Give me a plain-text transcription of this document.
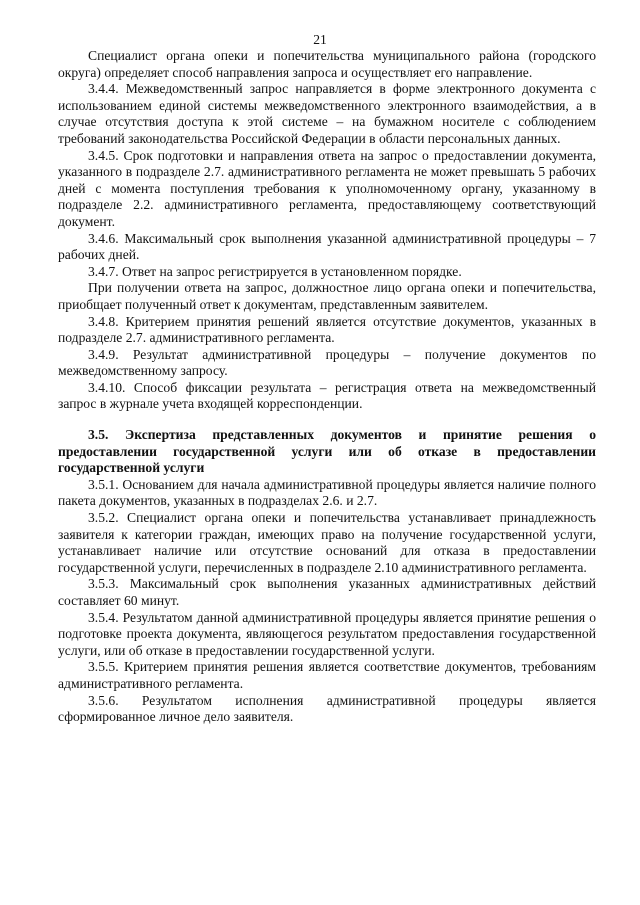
21

Специалист органа опеки и попечительства муниципального района (городского округа) определяет способ направления запроса и осуществляет его направление.

3.4.4. Межведомственный запрос направляется в форме электронного документа с использованием единой системы межведомственного электронного взаимодействия, а в случае отсутствия доступа к этой системе – на бумажном носителе с соблюдением требований законодательства Российской Федерации в области персональных данных.

3.4.5. Срок подготовки и направления ответа на запрос о предоставлении документа, указанного в подразделе 2.7. административного регламента не может превышать 5 рабочих дней с момента поступления требования к уполномоченному органу, указанному в подразделе 2.2. административного регламента, предоставляющему соответствующий документ.

3.4.6. Максимальный срок выполнения указанной административной процедуры – 7 рабочих дней.

3.4.7. Ответ на запрос регистрируется в установленном порядке.

При получении ответа на запрос, должностное лицо органа опеки и попечительства, приобщает полученный ответ к документам, представленным заявителем.

3.4.8. Критерием принятия решений является отсутствие документов, указанных в подразделе 2.7. административного регламента.

3.4.9. Результат административной процедуры – получение документов по межведомственному запросу.

3.4.10. Способ фиксации результата – регистрация ответа на межведомственный запрос в журнале учета входящей корреспонденции.

3.5. Экспертиза представленных документов и принятие решения о предоставлении государственной услуги или об отказе в предоставлении государственной услуги

3.5.1. Основанием для начала административной процедуры является наличие полного пакета документов, указанных в подразделах 2.6. и 2.7.

3.5.2. Специалист органа опеки и попечительства устанавливает принадлежность заявителя к категории граждан, имеющих право на получение государственной услуги, устанавливает наличие или отсутствие оснований для отказа в предоставлении государственной услуги, перечисленных в подразделе 2.10 административного регламента.

3.5.3. Максимальный срок выполнения указанных административных действий составляет 60 минут.

3.5.4. Результатом данной административной процедуры является принятие решения о подготовке проекта документа, являющегося результатом предоставления государственной услуги, или об отказе в предоставлении государственной услуги.

3.5.5. Критерием принятия решения является соответствие документов, требованиям административного регламента.

3.5.6. Результатом исполнения административной процедуры является сформированное личное дело заявителя.
